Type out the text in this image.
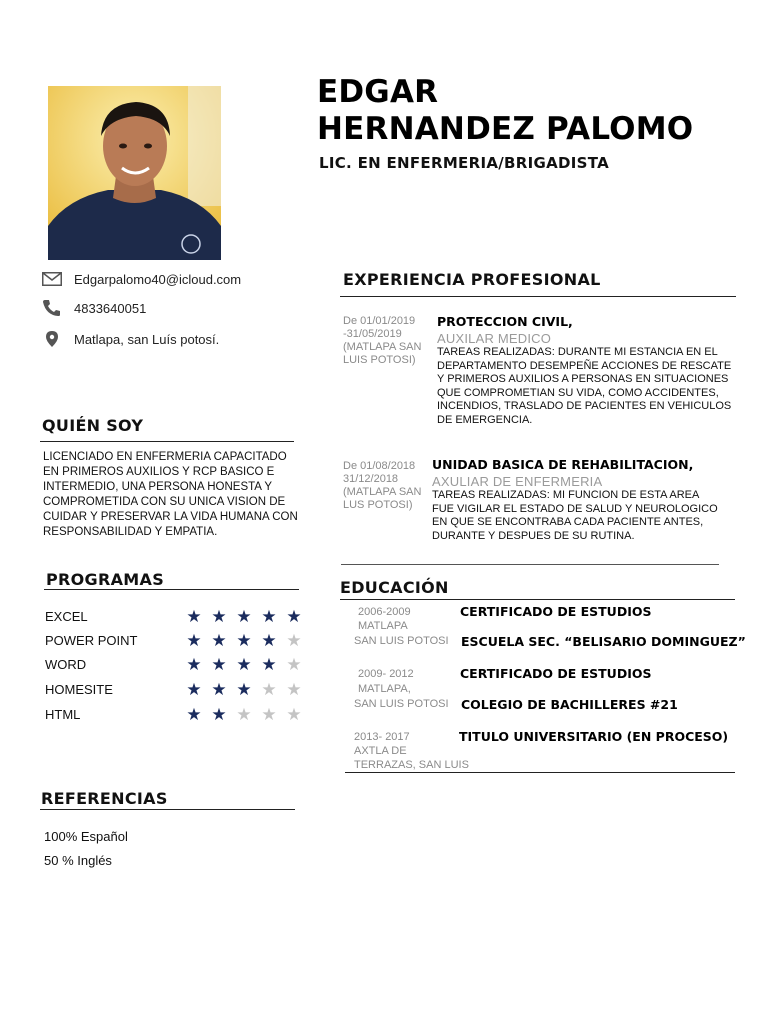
EDGAR
HERNANDEZ PALOMO
LIC. EN ENFERMERIA/BRIGADISTA
Edgarpalomo40@icloud.com
4833640051
Matlapa, san Luís potosí.
QUIÉN SOY
LICENCIADO EN ENFERMERIA CAPACITADO EN PRIMEROS AUXILIOS Y RCP BASICO E INTERMEDIO, UNA PERSONA HONESTA Y COMPROMETIDA CON SU UNICA VISION DE CUIDAR Y PRESERVAR LA VIDA HUMANA CON RESPONSABILIDAD Y EMPATIA.
PROGRAMAS
EXCEL	★ ★ ★ ★ ★
POWER POINT	★ ★ ★ ★ ★
WORD	★ ★ ★ ★ ★
HOMESITE	★ ★ ★ ★ ★
HTML	★ ★ ★ ★ ★
REFERENCIAS
100% Español
50 % Inglés
EXPERIENCIA PROFESIONAL
De 01/01/2019 -31/05/2019 (MATLAPA SAN LUIS POTOSI)
PROTECCION CIVIL,
AUXILAR MEDICO
TAREAS REALIZADAS: DURANTE MI ESTANCIA EN EL DEPARTAMENTO DESEMPEÑE ACCIONES DE RESCATE Y PRIMEROS AUXILIOS A PERSONAS EN SITUACIONES QUE COMPROMETIAN SU VIDA, COMO ACCIDENTES, INCENDIOS, TRASLADO DE PACIENTES EN VEHICULOS DE EMERGENCIA.
De 01/08/2018 31/12/2018 (MATLAPA SAN LUS POTOSI)
UNIDAD BASICA DE REHABILITACION,
AXULIAR DE ENFERMERIA
TAREAS REALIZADAS: MI FUNCION DE ESTA AREA FUE VIGILAR EL ESTADO DE SALUD Y NEUROLOGICO EN QUE SE ENCONTRABA CADA PACIENTE ANTES, DURANTE Y DESPUES DE SU RUTINA.
EDUCACIÓN
2006-2009
MATLAPA
SAN LUIS POTOSI
CERTIFICADO DE ESTUDIOS
ESCUELA SEC. “BELISARIO DOMINGUEZ”
2009- 2012
MATLAPA,
SAN LUIS POTOSI
CERTIFICADO DE ESTUDIOS
COLEGIO DE BACHILLERES #21
2013- 2017
AXTLA DE
TERRAZAS, SAN LUIS
TITULO UNIVERSITARIO (EN PROCESO)
